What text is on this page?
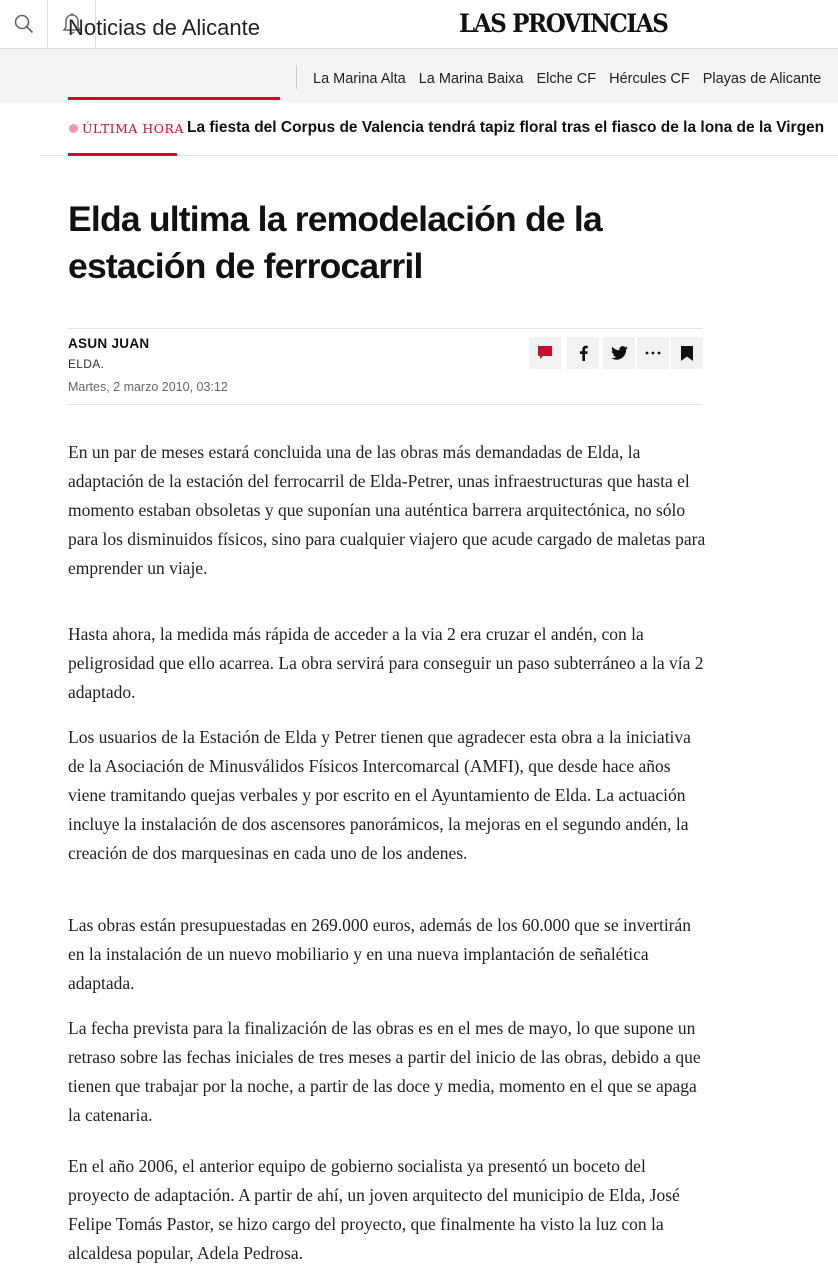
LAS PROVINCIAS
Noticias de Alicante
La Marina Alta La Marina Baixa Elche CF Hércules CF Playas de Alicante
ÚLTIMA HORA La fiesta del Corpus de Valencia tendrá tapiz floral tras el fiasco de la lona de la Virgen
Elda ultima la remodelación de la estación de ferrocarril
ASUN JUAN
ELDA.
Martes, 2 marzo 2010, 03:12

En un par de meses estará concluida una de las obras más demandadas de Elda, la adaptación de la estación del ferrocarril de Elda-Petrer, unas infraestructuras que hasta el momento estaban obsoletas y que suponían una auténtica barrera arquitectónica, no sólo para los disminuidos físicos, sino para cualquier viajero que acude cargado de maletas para emprender un viaje.

Hasta ahora, la medida más rápida de acceder a la via 2 era cruzar el andén, con la peligrosidad que ello acarrea. La obra servirá para conseguir un paso subterráneo a la vía 2 adaptado.

Los usuarios de la Estación de Elda y Petrer tienen que agradecer esta obra a la iniciativa de la Asociación de Minusválidos Físicos Intercomarcal (AMFI), que desde hace años viene tramitando quejas verbales y por escrito en el Ayuntamiento de Elda. La actuación incluye la instalación de dos ascensores panorámicos, la mejoras en el segundo andén, la creación de dos marquesinas en cada uno de los andenes.

Las obras están presupuestadas en 269.000 euros, además de los 60.000 que se invertirán en la instalación de un nuevo mobiliario y en una nueva implantación de señalética adaptada.

La fecha prevista para la finalización de las obras es en el mes de mayo, lo que supone un retraso sobre las fechas iniciales de tres meses a partir del inicio de las obras, debido a que tienen que trabajar por la noche, a partir de las doce y media, momento en el que se apaga la catenaria.

En el año 2006, el anterior equipo de gobierno socialista ya presentó un boceto del proyecto de adaptación. A partir de ahí, un joven arquitecto del municipio de Elda, José Felipe Tomás Pastor, se hizo cargo del proyecto, que finalmente ha visto la luz con la alcaldesa popular, Adela Pedrosa.
